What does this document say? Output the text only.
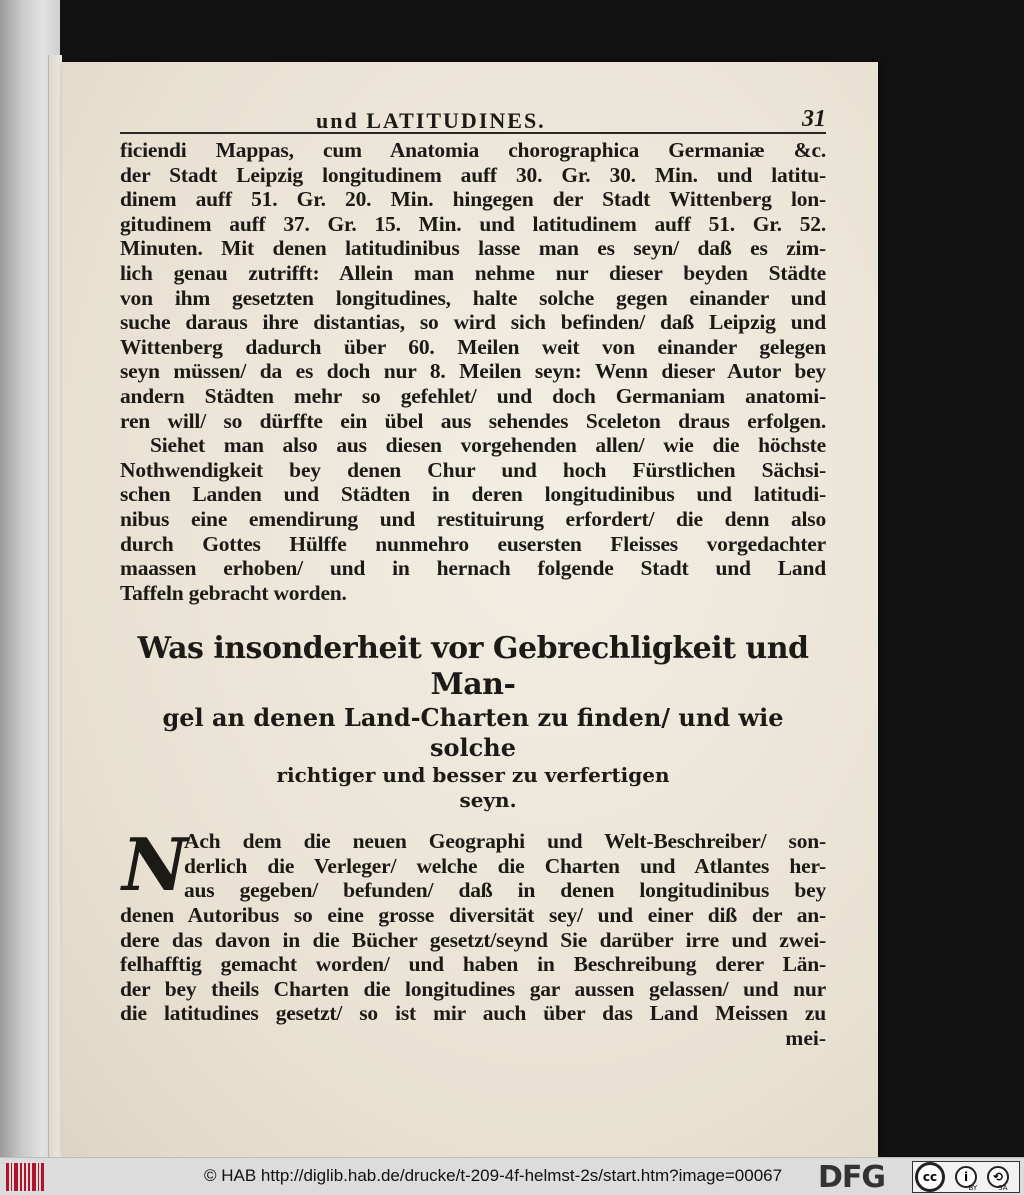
und LATITUDINES.	31
ficiendi Mappas, cum Anatomia chorographica Germaniæ &c.
der Stadt Leipzig longitudinem auff 30. Gr. 30. Min. und latitu-
dinem auff 51. Gr. 20. Min. hingegen der Stadt Wittenberg lon-
gitudinem auff 37. Gr. 15. Min. und latitudinem auff 51. Gr. 52.
Minuten. Mit denen latitudinibus lasse man es seyn/ daß es zim-
lich genau zutrifft: Allein man nehme nur dieser beyden Städte
von ihm gesetzten longitudines, halte solche gegen einander und
suche daraus ihre distantias, so wird sich befinden/ daß Leipzig und
Wittenberg dadurch über 60. Meilen weit von einander gelegen
seyn müssen/ da es doch nur 8. Meilen seyn: Wenn dieser Autor bey
andern Städten mehr so gefehlet/ und doch Germaniam anatomi-
ren will/ so dürffte ein übel aus sehendes Sceleton draus erfolgen.
Siehet man also aus diesen vorgehenden allen/ wie die höchste
Nothwendigkeit bey denen Chur und hoch Fürstlichen Sächsi-
schen Landen und Städten in deren longitudinibus und latitudi-
nibus eine emendirung und restituirung erfordert/ die denn also
durch Gottes Hülffe nunmehro eusersten Fleisses vorgedachter
maassen erhoben/ und in hernach folgende Stadt und Land
Taffeln gebracht worden.
Was insonderheit vor Gebrechligkeit und Man-
gel an denen Land-Charten zu finden/ und wie solche
richtiger und besser zu verfertigen
seyn.
N
Ach dem die neuen Geographi und Welt-Beschreiber/ son-
derlich die Verleger/ welche die Charten und Atlantes her-
aus gegeben/ befunden/ daß in denen longitudinibus bey
denen Autoribus so eine grosse diversität sey/ und einer diß der an-
dere das davon in die Bücher gesetzt/seynd Sie darüber irre und zwei-
felhafftig gemacht worden/ und haben in Beschreibung derer Län-
der bey theils Charten die longitudines gar aussen gelassen/ und nur
die latitudines gesetzt/ so ist mir auch über das Land Meissen zu
mei-
© HAB http://diglib.hab.de/drucke/t-209-4f-helmst-2s/start.htm?image=00067 DFG	cc	i	⟲
BY	SA
